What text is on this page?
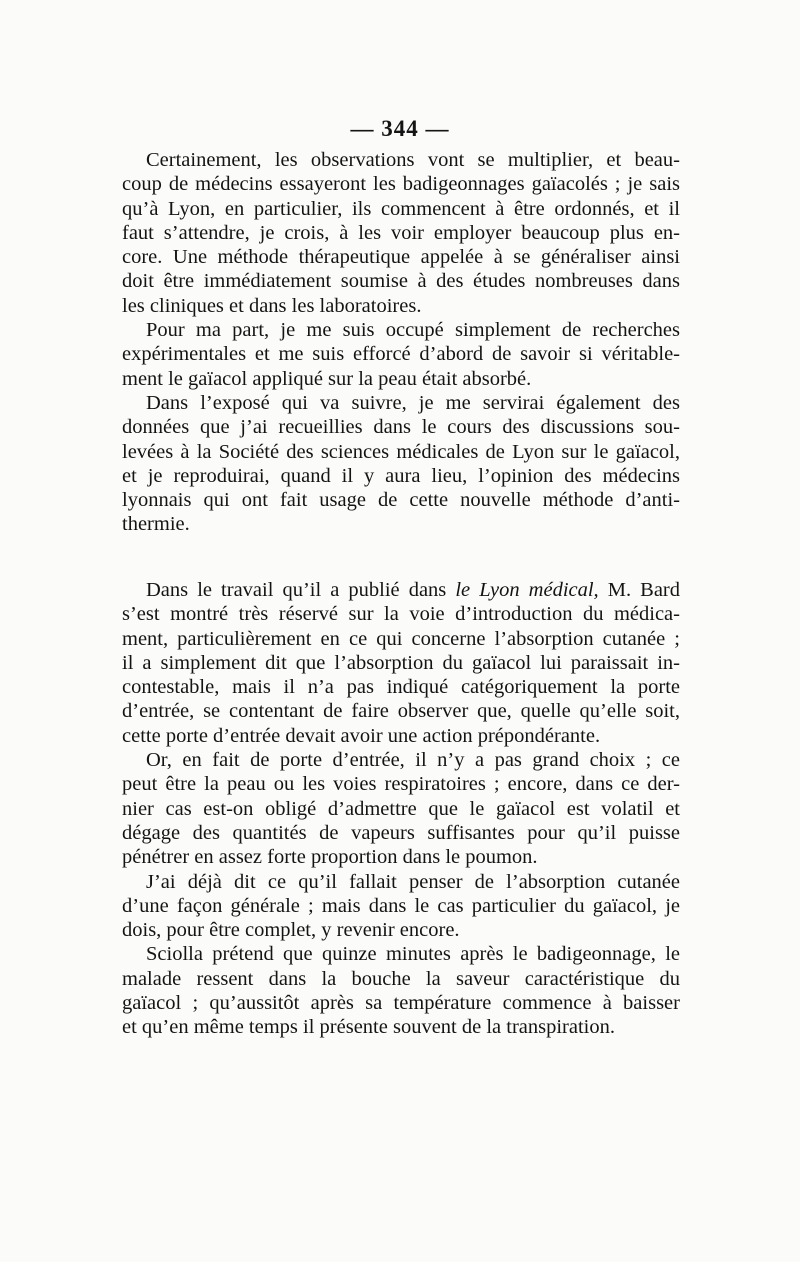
— 344 —

Certainement, les observations vont se multiplier, et beau-
coup de médecins essayeront les badigeonnages gaïacolés ; je sais
qu’à Lyon, en particulier, ils commencent à être ordonnés, et il
faut s’attendre, je crois, à les voir employer beaucoup plus en-
core. Une méthode thérapeutique appelée à se généraliser ainsi
doit être immédiatement soumise à des études nombreuses dans
les cliniques et dans les laboratoires.

Pour ma part, je me suis occupé simplement de recherches
expérimentales et me suis efforcé d’abord de savoir si véritable-
ment le gaïacol appliqué sur la peau était absorbé.

Dans l’exposé qui va suivre, je me servirai également des
données que j’ai recueillies dans le cours des discussions sou-
levées à la Société des sciences médicales de Lyon sur le gaïacol,
et je reproduirai, quand il y aura lieu, l’opinion des médecins
lyonnais qui ont fait usage de cette nouvelle méthode d’anti-
thermie.

Dans le travail qu’il a publié dans le Lyon médical, M. Bard
s’est montré très réservé sur la voie d’introduction du médica-
ment, particulièrement en ce qui concerne l’absorption cutanée ;
il a simplement dit que l’absorption du gaïacol lui paraissait in-
contestable, mais il n’a pas indiqué catégoriquement la porte
d’entrée, se contentant de faire observer que, quelle qu’elle soit,
cette porte d’entrée devait avoir une action prépondérante.

Or, en fait de porte d’entrée, il n’y a pas grand choix ; ce
peut être la peau ou les voies respiratoires ; encore, dans ce der-
nier cas est-on obligé d’admettre que le gaïacol est volatil et
dégage des quantités de vapeurs suffisantes pour qu’il puisse
pénétrer en assez forte proportion dans le poumon.

J’ai déjà dit ce qu’il fallait penser de l’absorption cutanée
d’une façon générale ; mais dans le cas particulier du gaïacol, je
dois, pour être complet, y revenir encore.

Sciolla prétend que quinze minutes après le badigeonnage, le
malade ressent dans la bouche la saveur caractéristique du
gaïacol ; qu’aussitôt après sa température commence à baisser
et qu’en même temps il présente souvent de la transpiration.
